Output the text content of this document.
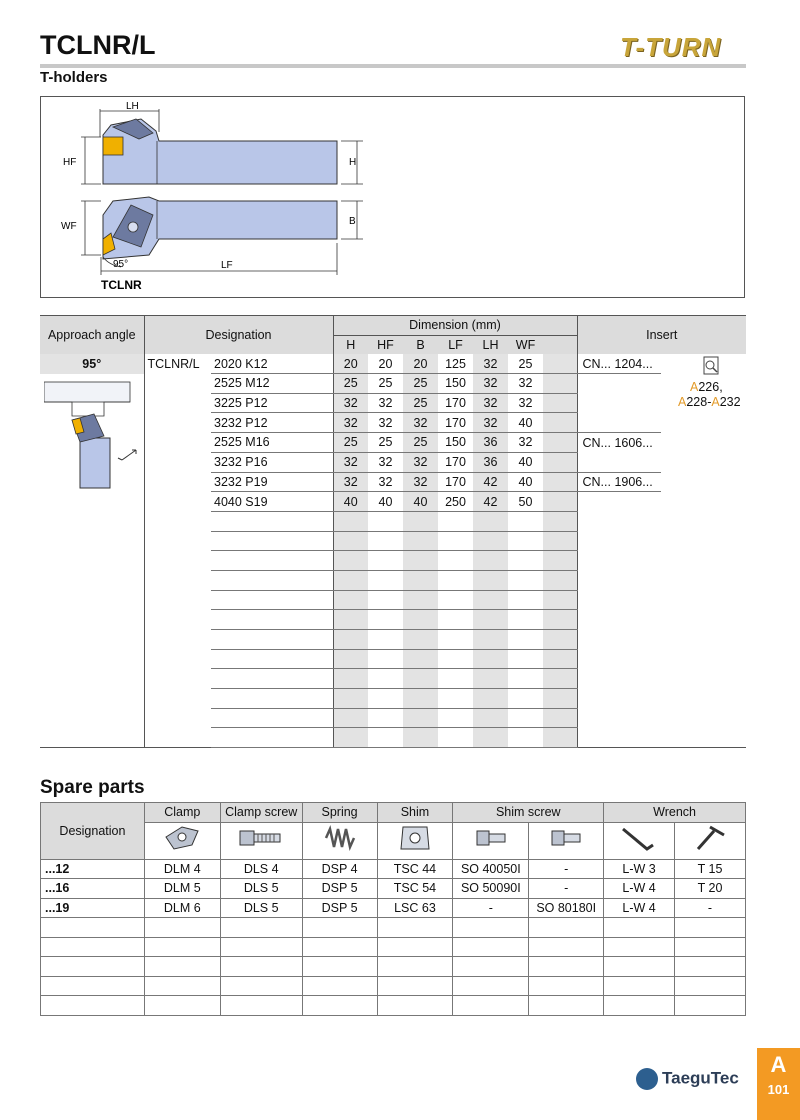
TCLNR/L
T-holders
T-TURN
LH
HF	H
WF	B
95°	LF
TCLNR
Approach angle	Designation		Dimension (mm)							Insert	
			H	HF	B	LF	LH	WF			
95°	TCLNR/L	2020 K12	20	20	20	125	32	25		CN... 1204...	
		2525 M12	25	25	25	150	32	32			
		3225 P12	32	32	25	170	32	32			
		3232 P12	32	32	32	170	32	40			
		2525 M16	25	25	25	150	36	32		CN... 1606...	
		3232 P16	32	32	32	170	36	40			
		3232 P19	32	32	32	170	42	40		CN... 1906...	
		4040 S19	40	40	40	250	42	50			

A226,
A228-A232
Spare parts
Designation	Clamp	Clamp screw	Spring	Shim	Shim screw		Wrench	

...12	DLM 4	DLS 4	DSP 4	TSC 44	SO 40050I	-	L-W 3	T 15
...16	DLM 5	DLS 5	DSP 5	TSC 54	SO 50090I	-	L-W 4	T 20
...19	DLM 6	DLS 5	DSP 5	LSC 63	-	SO 80180I	L-W 4	-

TaeguTec
A
101
